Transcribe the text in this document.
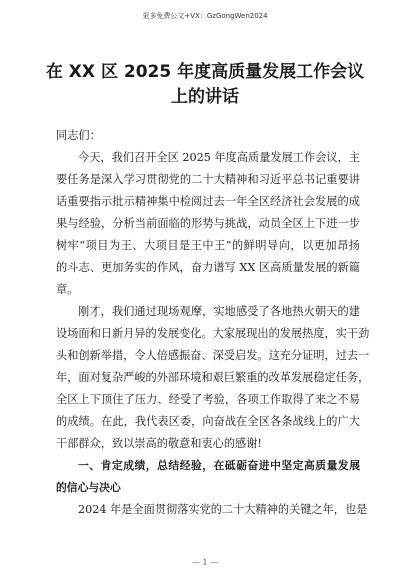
更多免费公文+VX：GzGongWen2024
在 XX 区 2025 年度高质量发展工作会议
上的讲话
同志们：
今天，我们召开全区 2025 年度高质量发展工作会议，主
要任务是深入学习贯彻党的二十大精神和习近平总书记重要讲
话重要指示批示精神集中检阅过去一年全区经济社会发展的成
果与经验，分析当前面临的形势与挑战，动员全区上下进一步
树牢“项目为王、大项目是王中王”的鲜明导向，以更加昂扬
的斗志、更加务实的作风，奋力谱写 XX 区高质量发展的新篇
章。
刚才，我们通过现场观摩，实地感受了各地热火朝天的建
设场面和日新月异的发展变化。大家展现出的发展热度，实干劲
头和创新举措，令人倍感振奋、深受启发。这充分证明，过去一
年，面对复杂严峻的外部环境和艰巨繁重的改革发展稳定任务，
全区上下顶住了压力、经受了考验，各项工作取得了来之不易
的成绩。在此，我代表区委，向奋战在全区各条战线上的广大
干部群众，致以崇高的敬意和衷心的感谢!
一、肯定成绩，总结经验，在砥砺奋进中坚定高质量发展
的信心与决心
2024 年是全面贯彻落实党的二十大精神的关键之年，也是
— 1 —
